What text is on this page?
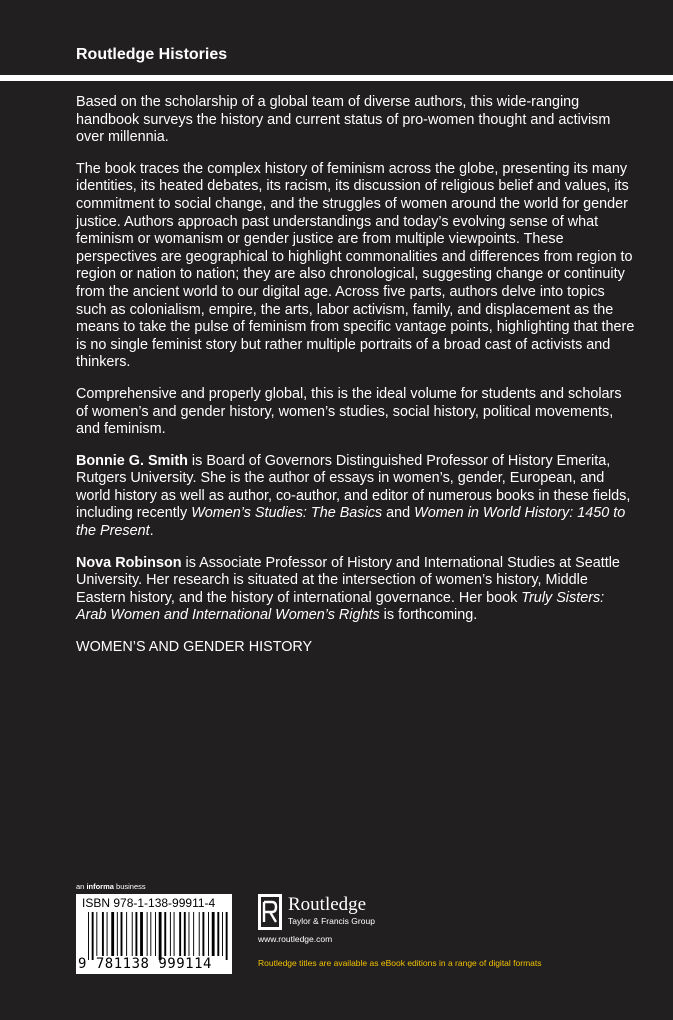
Routledge Histories

Based on the scholarship of a global team of diverse authors, this wide-ranging handbook surveys the history and current status of pro-women thought and activism over millennia.

The book traces the complex history of feminism across the globe, presenting its many identities, its heated debates, its racism, its discussion of religious belief and values, its commitment to social change, and the struggles of women around the world for gender justice. Authors approach past understandings and today’s evolving sense of what feminism or womanism or gender justice are from multiple viewpoints. These perspectives are geographical to highlight commonalities and differences from region to region or nation to nation; they are also chronological, suggesting change or continuity from the ancient world to our digital age. Across five parts, authors delve into topics such as colonialism, empire, the arts, labor activism, family, and displacement as the means to take the pulse of feminism from specific vantage points, highlighting that there is no single feminist story but rather multiple portraits of a broad cast of activists and thinkers.

Comprehensive and properly global, this is the ideal volume for students and scholars of women’s and gender history, women’s studies, social history, political movements, and feminism.

Bonnie G. Smith is Board of Governors Distinguished Professor of History Emerita, Rutgers University. She is the author of essays in women’s, gender, European, and world history as well as author, co-author, and editor of numerous books in these fields, including recently Women’s Studies: The Basics and Women in World History: 1450 to the Present.

Nova Robinson is Associate Professor of History and International Studies at Seattle University. Her research is situated at the intersection of women’s history, Middle Eastern history, and the history of international governance. Her book Truly Sisters: Arab Women and International Women’s Rights is forthcoming.

WOMEN’S AND GENDER HISTORY

an informa business
ISBN 978-1-138-99911-4
9 781138 999114
Routledge
Taylor & Francis Group
www.routledge.com
Routledge titles are available as eBook editions in a range of digital formats
